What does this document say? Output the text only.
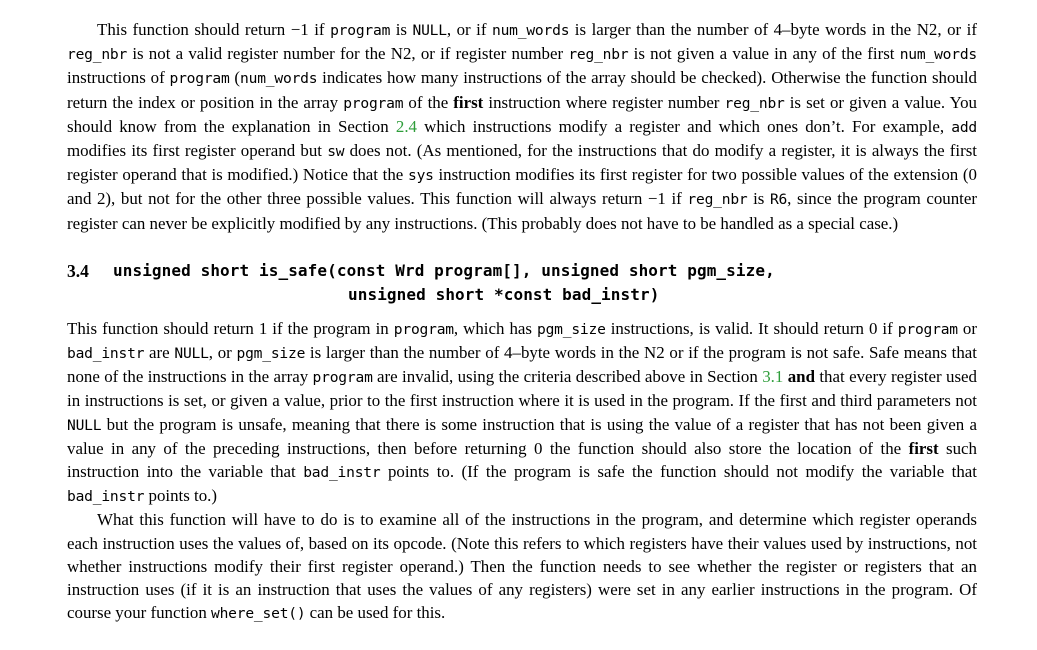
This function should return −1 if program is NULL, or if num_words is larger than the number of 4–byte words in the N2, or if reg_nbr is not a valid register number for the N2, or if register number reg_nbr is not given a value in any of the first num_words instructions of program (num_words indicates how many instructions of the array should be checked). Otherwise the function should return the index or position in the array program of the first instruction where register number reg_nbr is set or given a value. You should know from the explanation in Section 2.4 which instructions modify a register and which ones don’t. For example, add modifies its first register operand but sw does not. (As mentioned, for the instructions that do modify a register, it is always the first register operand that is modified.) Notice that the sys instruction modifies its first register for two possible values of the extension (0 and 2), but not for the other three possible values. This function will always return −1 if reg_nbr is R6, since the program counter register can never be explicitly modified by any instructions. (This probably does not have to be handled as a special case.)

3.4	unsigned short is_safe(const Wrd program[], unsigned short pgm_size,
unsigned short *const bad_instr)

This function should return 1 if the program in program, which has pgm_size instructions, is valid. It should return 0 if program or bad_instr are NULL, or pgm_size is larger than the number of 4–byte words in the N2 or if the program is not safe. Safe means that none of the instructions in the array program are invalid, using the criteria described above in Section 3.1 and that every register used in instructions is set, or given a value, prior to the first instruction where it is used in the program. If the first and third parameters not NULL but the program is unsafe, meaning that there is some instruction that is using the value of a register that has not been given a value in any of the preceding instructions, then before returning 0 the function should also store the location of the first such instruction into the variable that bad_instr points to. (If the program is safe the function should not modify the variable that bad_instr points to.)

What this function will have to do is to examine all of the instructions in the program, and determine which register operands each instruction uses the values of, based on its opcode. (Note this refers to which registers have their values used by instructions, not whether instructions modify their first register operand.) Then the function needs to see whether the register or registers that an instruction uses (if it is an instruction that uses the values of any registers) were set in any earlier instructions in the program. Of course your function where_set() can be used for this.
